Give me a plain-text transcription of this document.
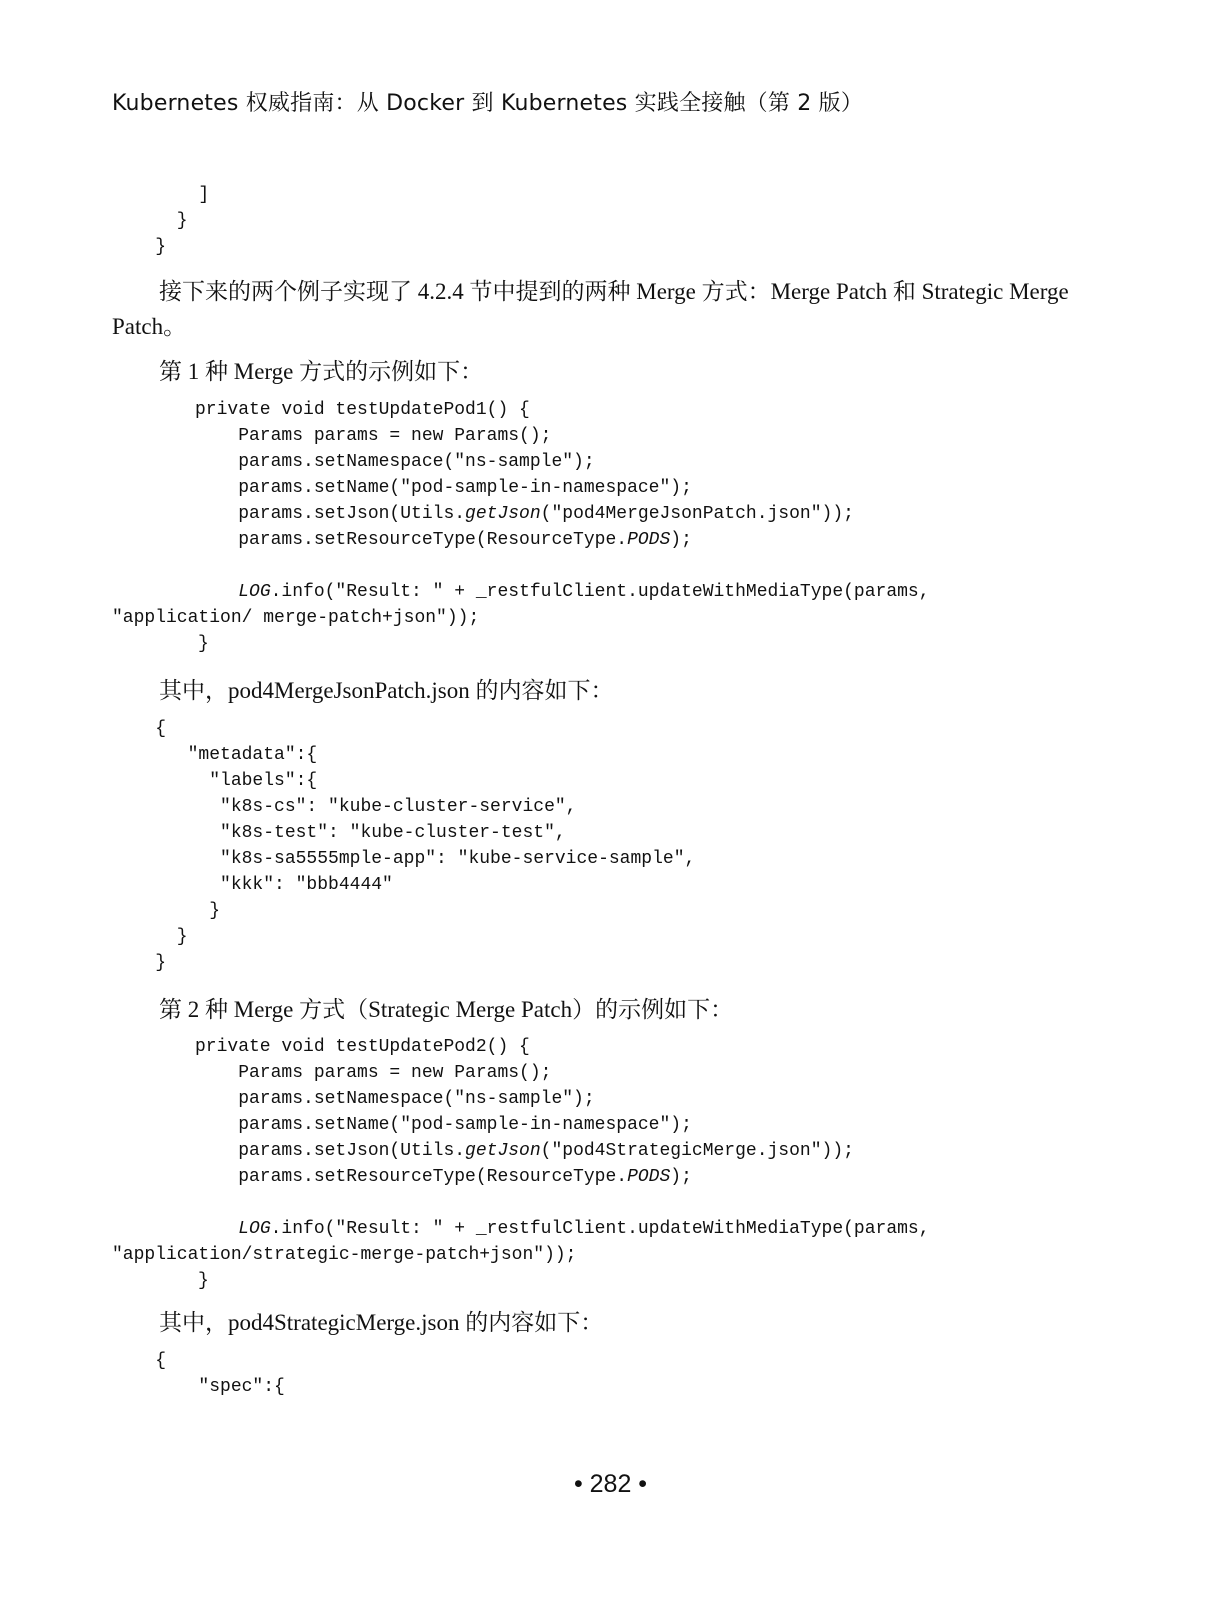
Kubernetes 权威指南：从 Docker 到 Kubernetes 实践全接触（第 2 版）
]
}
}
接下来的两个例子实现了 4.2.4 节中提到的两种 Merge 方式：Merge Patch 和 Strategic Merge Patch。
第 1 种 Merge 方式的示例如下：
private void testUpdatePod1() {
Params params = new Params();
params.setNamespace("ns-sample");
params.setName("pod-sample-in-namespace");
params.setJson(Utils.getJson("pod4MergeJsonPatch.json"));
params.setResourceType(ResourceType.PODS);

LOG.info("Result: " + _restfulClient.updateWithMediaType(params,
"application/ merge-patch+json"));
}
其中，pod4MergeJsonPatch.json 的内容如下：
{
"metadata":{
"labels":{
"k8s-cs": "kube-cluster-service",
"k8s-test": "kube-cluster-test",
"k8s-sa5555mple-app": "kube-service-sample",
"kkk": "bbb4444"
}
}
}
第 2 种 Merge 方式（Strategic Merge Patch）的示例如下：
private void testUpdatePod2() {
Params params = new Params();
params.setNamespace("ns-sample");
params.setName("pod-sample-in-namespace");
params.setJson(Utils.getJson("pod4StrategicMerge.json"));
params.setResourceType(ResourceType.PODS);

LOG.info("Result: " + _restfulClient.updateWithMediaType(params,
"application/strategic-merge-patch+json"));
}
其中，pod4StrategicMerge.json 的内容如下：
{
"spec":{
• 282 •
